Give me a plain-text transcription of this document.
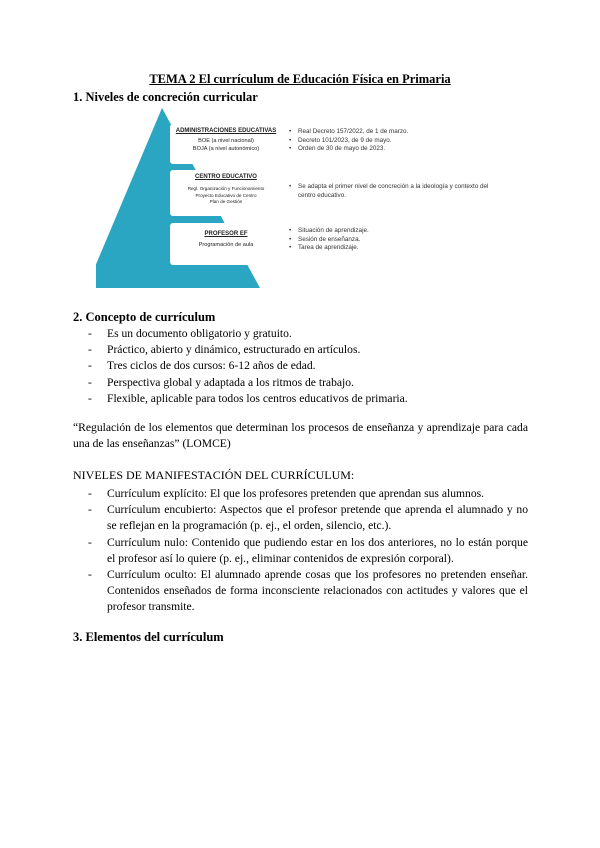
TEMA 2 El currículum de Educación Física en Primaria
1. Niveles de concreción curricular
ADMINISTRACIONES EDUCATIVAS
BOE (a nivel nacional)
BOJA (a nivel autonómico)
CENTRO EDUCATIVO
Regl. Organización y Funcionamiento
Proyecto Educativo de Centro
Plan de Gestión
PROFESOR EF
Programación de aula
• Real Decreto 157/2022, de 1 de marzo.
• Decreto 101/2023, de 9 de mayo.
• Orden de 30 de mayo de 2023.
• Se adapta el primer nivel de concreción a la ideología y contexto del centro educativo.
• Situación de aprendizaje.
• Sesión de enseñanza.
• Tarea de aprendizaje.
2. Concepto de currículum
- Es un documento obligatorio y gratuito.
- Práctico, abierto y dinámico, estructurado en artículos.
- Tres ciclos de dos cursos: 6-12 años de edad.
- Perspectiva global y adaptada a los ritmos de trabajo.
- Flexible, aplicable para todos los centros educativos de primaria.
“Regulación de los elementos que determinan los procesos de enseñanza y aprendizaje para cada una de las enseñanzas” (LOMCE)
NIVELES DE MANIFESTACIÓN DEL CURRÍCULUM:
- Currículum explícito: El que los profesores pretenden que aprendan sus alumnos.
- Currículum encubierto: Aspectos que el profesor pretende que aprenda el alumnado y no se reflejan en la programación (p. ej., el orden, silencio, etc.).
- Currículum nulo: Contenido que pudiendo estar en los dos anteriores, no lo están porque el profesor así lo quiere (p. ej., eliminar contenidos de expresión corporal).
- Currículum oculto: El alumnado aprende cosas que los profesores no pretenden enseñar. Contenidos enseñados de forma inconsciente relacionados con actitudes y valores que el profesor transmite.
3. Elementos del currículum
